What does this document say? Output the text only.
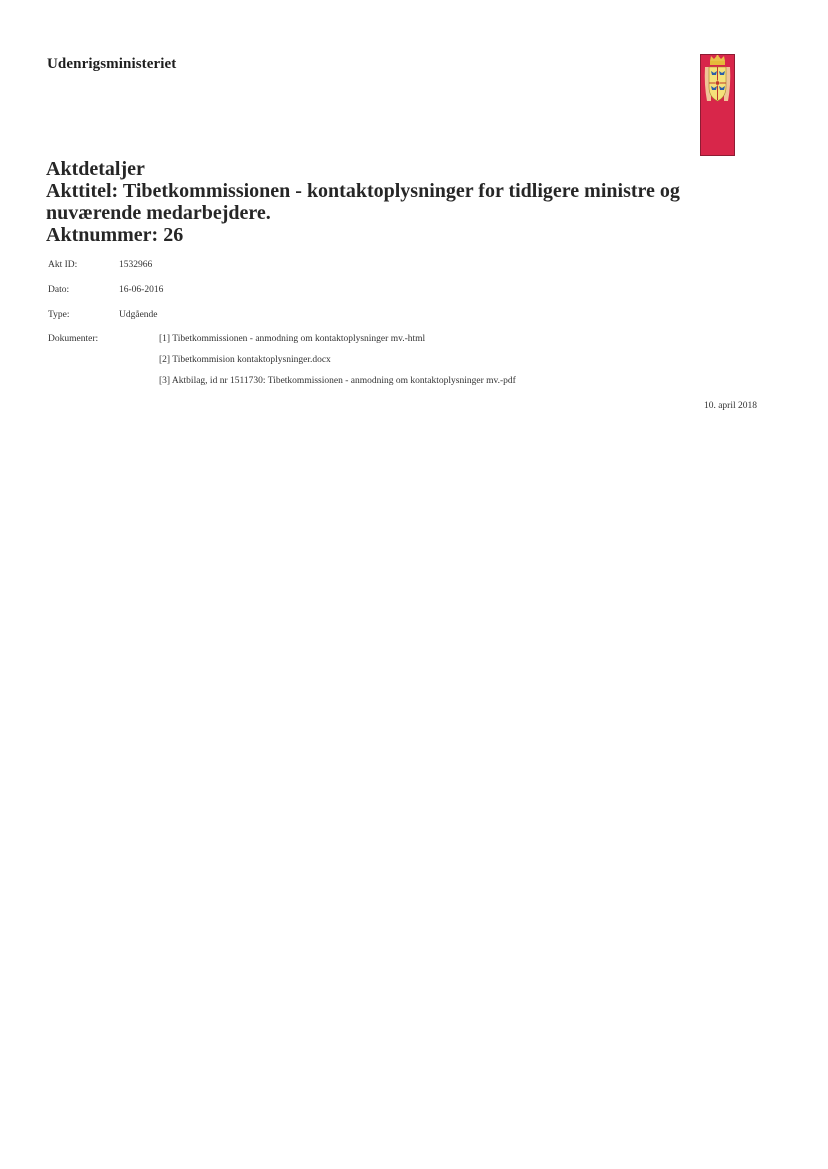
Udenrigsministeriet
Aktdetaljer
Akttitel: Tibetkommissionen - kontaktoplysninger for tidligere ministre og
nuværende medarbejdere.
Aktnummer: 26
Akt ID:	1532966
Dato:	16-06-2016
Type:	Udgående
Dokumenter:	[1] Tibetkommissionen - anmodning om kontaktoplysninger mv.-html
[2] Tibetkommision kontaktoplysninger.docx
[3] Aktbilag, id nr 1511730: Tibetkommissionen - anmodning om kontaktoplysninger mv.-pdf
10. april 2018
